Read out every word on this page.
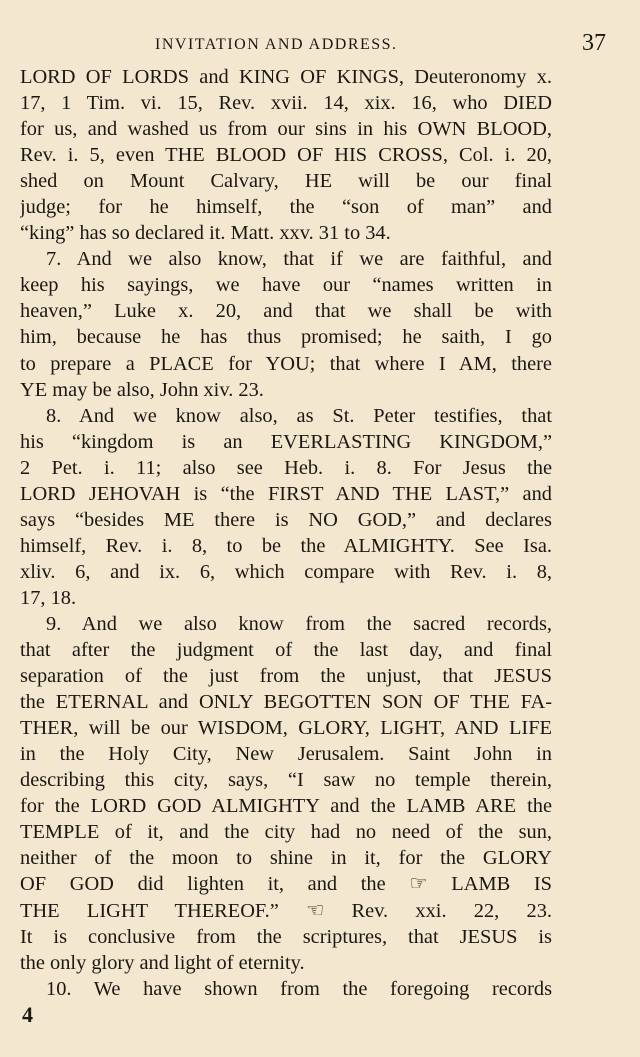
INVITATION AND ADDRESS.	37
LORD OF LORDS and KING OF KINGS, Deuteronomy x.
17, 1 Tim. vi. 15, Rev. xvii. 14, xix. 16, who DIED
for us, and washed us from our sins in his OWN BLOOD,
Rev. i. 5, even THE BLOOD OF HIS CROSS, Col. i. 20,
shed on Mount Calvary, HE will be our final
judge; for he himself, the “son of man” and
“king” has so declared it. Matt. xxv. 31 to 34.
7. And we also know, that if we are faithful, and
keep his sayings, we have our “names written in
heaven,” Luke x. 20, and that we shall be with
him, because he has thus promised; he saith, I go
to prepare a PLACE for YOU; that where I AM, there
YE may be also, John xiv. 23.
8. And we know also, as St. Peter testifies, that
his “kingdom is an EVERLASTING KINGDOM,”
2 Pet. i. 11; also see Heb. i. 8. For Jesus the
LORD JEHOVAH is “the FIRST AND THE LAST,” and
says “besides ME there is NO GOD,” and declares
himself, Rev. i. 8, to be the ALMIGHTY. See Isa.
xliv. 6, and ix. 6, which compare with Rev. i. 8,
17, 18.
9. And we also know from the sacred records,
that after the judgment of the last day, and final
separation of the just from the unjust, that JESUS
the ETERNAL and ONLY BEGOTTEN SON OF THE FA-
THER, will be our WISDOM, GLORY, LIGHT, AND LIFE
in the Holy City, New Jerusalem. Saint John in
describing this city, says, “I saw no temple therein,
for the LORD GOD ALMIGHTY and the LAMB ARE the
TEMPLE of it, and the city had no need of the sun,
neither of the moon to shine in it, for the GLORY
OF GOD did lighten it, and the ☞ LAMB IS
THE LIGHT THEREOF.” ☜ Rev. xxi. 22, 23.
It is conclusive from the scriptures, that JESUS is
the only glory and light of eternity.
10. We have shown from the foregoing records
4
